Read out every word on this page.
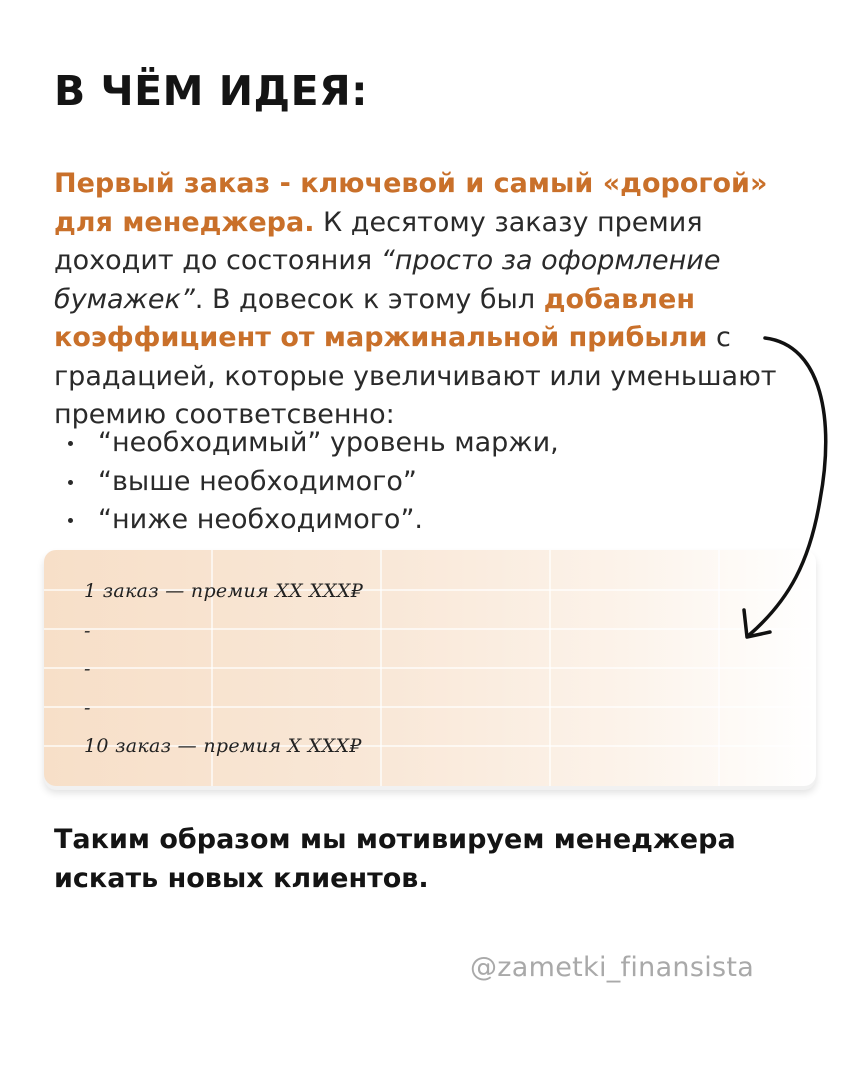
В ЧЁМ ИДЕЯ:

Первый заказ - ключевой и самый «дорогой» для менеджера. К десятому заказу премия доходит до состояния “просто за оформление бумажек”. В довесок к этому был добавлен коэффициент от маржинальной прибыли с градацией, которые увеличивают или уменьшают премию соответсвенно:

“необходимый” уровень маржи,
“выше необходимого”
“ниже необходимого”.
1 заказ — премия XX XXX₽
-
-
-
10 заказ — премия X XXX₽

Таким образом мы мотивируем менеджера искать новых клиентов.

@zametki_finansista
